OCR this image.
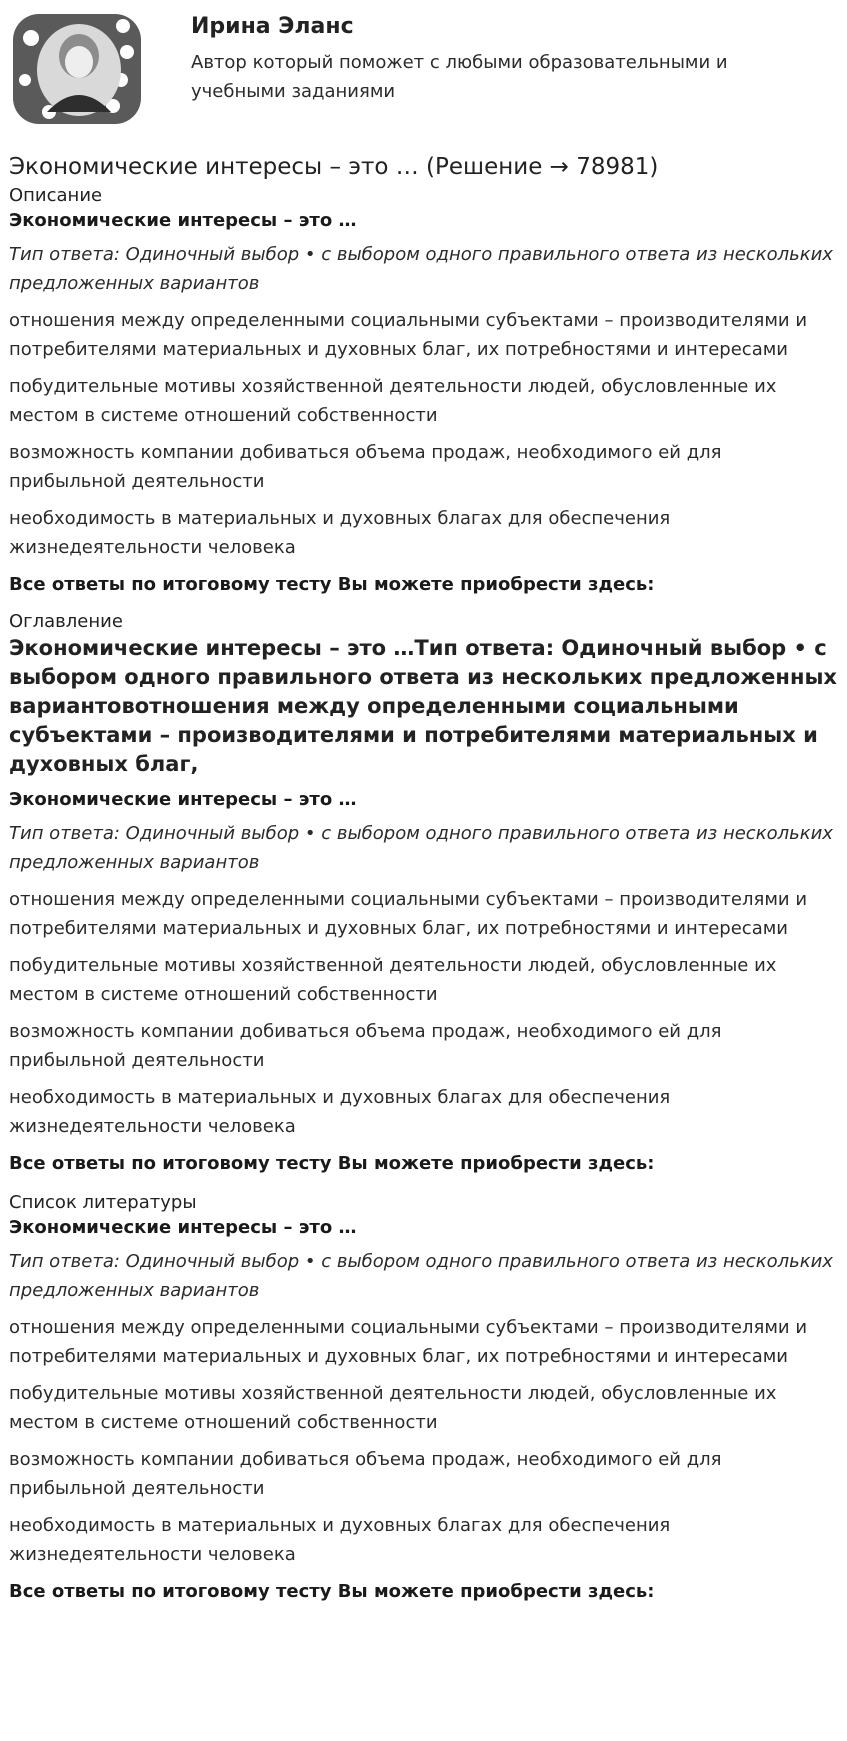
Ирина Эланс
Автор который поможет с любыми образовательными и учебными заданиями
Экономические интересы – это … (Решение → 78981)
Описание
Экономические интересы – это …
Тип ответа: Одиночный выбор • с выбором одного правильного ответа из нескольких предложенных вариантов
отношения между определенными социальными субъектами – производителями и потребителями материальных и духовных благ, их потребностями и интересами
побудительные мотивы хозяйственной деятельности людей, обусловленные их местом в системе отношений собственности
возможность компании добиваться объема продаж, необходимого ей для прибыльной деятельности
необходимость в материальных и духовных благах для обеспечения жизнедеятельности человека
Все ответы по итоговому тесту Вы можете приобрести здесь:
Оглавление
Экономические интересы – это …Тип ответа: Одиночный выбор • с выбором одного правильного ответа из нескольких предложенных вариантовотношения между определенными социальными субъектами – производителями и потребителями материальных и духовных благ,
Экономические интересы – это …
Тип ответа: Одиночный выбор • с выбором одного правильного ответа из нескольких предложенных вариантов
отношения между определенными социальными субъектами – производителями и потребителями материальных и духовных благ, их потребностями и интересами
побудительные мотивы хозяйственной деятельности людей, обусловленные их местом в системе отношений собственности
возможность компании добиваться объема продаж, необходимого ей для прибыльной деятельности
необходимость в материальных и духовных благах для обеспечения жизнедеятельности человека
Все ответы по итоговому тесту Вы можете приобрести здесь:
Список литературы
Экономические интересы – это …
Тип ответа: Одиночный выбор • с выбором одного правильного ответа из нескольких предложенных вариантов
отношения между определенными социальными субъектами – производителями и потребителями материальных и духовных благ, их потребностями и интересами
побудительные мотивы хозяйственной деятельности людей, обусловленные их местом в системе отношений собственности
возможность компании добиваться объема продаж, необходимого ей для прибыльной деятельности
необходимость в материальных и духовных благах для обеспечения жизнедеятельности человека
Все ответы по итоговому тесту Вы можете приобрести здесь:
